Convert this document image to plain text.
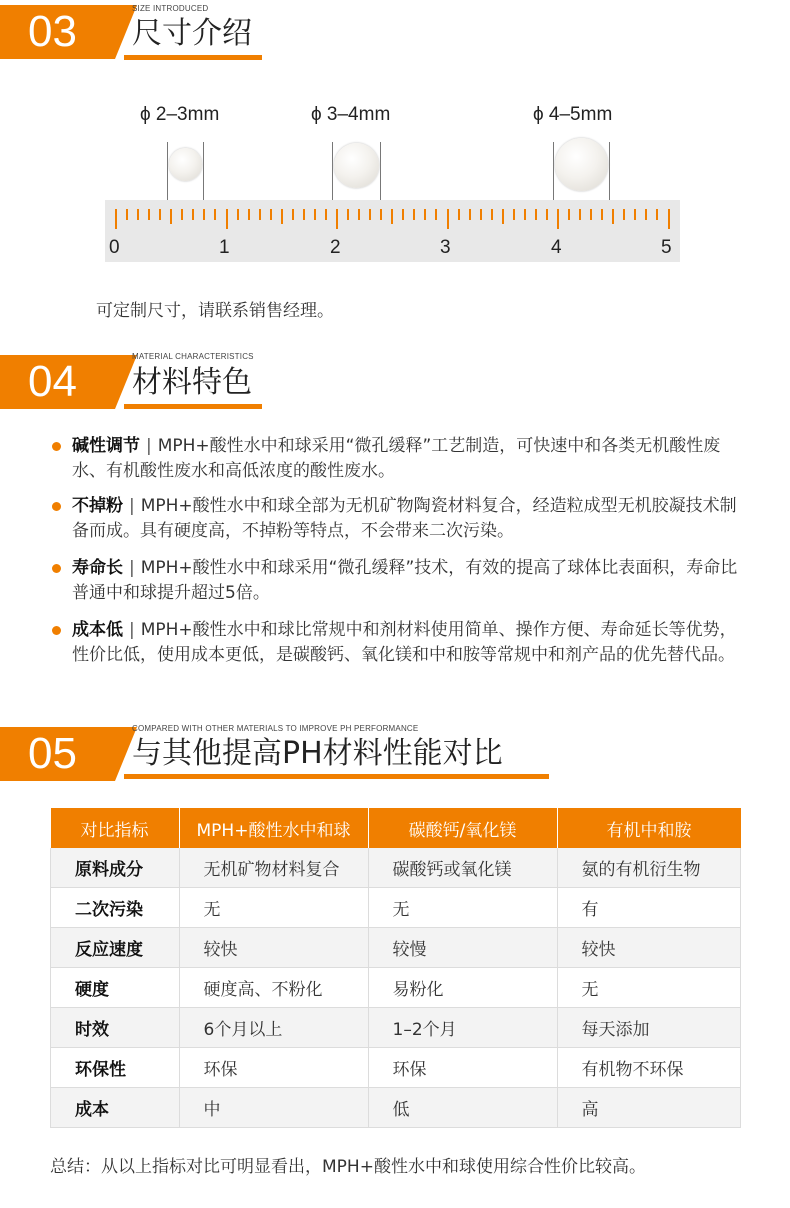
03	SIZE INTRODUCED
尺寸介绍
ϕ 2–3mm	ϕ 3–4mm	ϕ 4–5mm
0	1	2	3	4	5
可定制尺寸，请联系销售经理。
04
MATERIAL CHARACTERISTICS
材料特色
碱性调节 | MPH+酸性水中和球采用“微孔缓释”工艺制造，可快速中和各类无机酸性废水、有机酸性废水和高低浓度的酸性废水。
不掉粉 | MPH+酸性水中和球全部为无机矿物陶瓷材料复合，经造粒成型无机胶凝技术制备而成。具有硬度高，不掉粉等特点，不会带来二次污染。
寿命长 | MPH+酸性水中和球采用“微孔缓释”技术，有效的提高了球体比表面积，寿命比普通中和球提升超过5倍。
成本低 | MPH+酸性水中和球比常规中和剂材料使用简单、操作方便、寿命延长等优势，性价比低，使用成本更低，是碳酸钙、氧化镁和中和胺等常规中和剂产品的优先替代品。
05
COMPARED WITH OTHER MATERIALS TO IMPROVE PH PERFORMANCE
与其他提高PH材料性能对比
对比指标	MPH+酸性水中和球	碳酸钙/氧化镁	有机中和胺
原料成分	无机矿物材料复合	碳酸钙或氧化镁	氨的有机衍生物
二次污染	无	无	有
反应速度	较快	较慢	较快
硬度	硬度高、不粉化	易粉化	无
时效	6个月以上	1–2个月	每天添加
环保性	环保	环保	有机物不环保
成本	中	低	高
总结：从以上指标对比可明显看出，MPH+酸性水中和球使用综合性价比较高。
